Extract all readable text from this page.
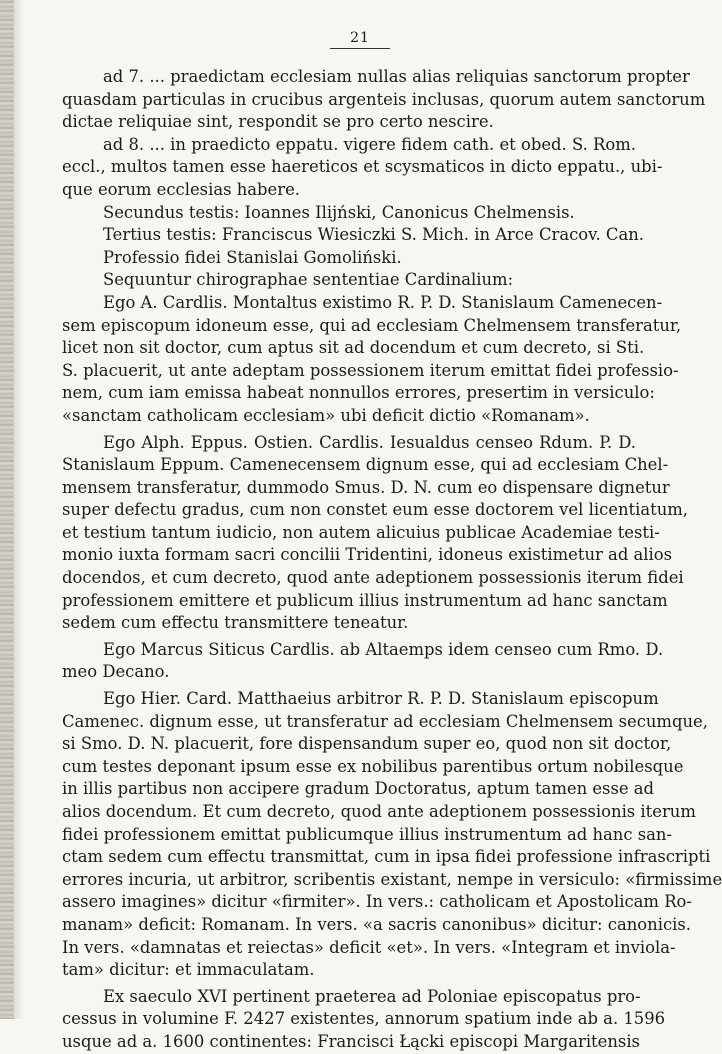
21
ad 7. ... praedictam ecclesiam nullas alias reliquias sanctorum propter
quasdam particulas in crucibus argenteis inclusas, quorum autem sanctorum
dictae reliquiae sint, respondit se pro certo nescire.
ad 8. ... in praedicto eppatu. vigere fidem cath. et obed. S. Rom.
eccl., multos tamen esse haereticos et scysmaticos in dicto eppatu., ubi-
que eorum ecclesias habere.
Secundus testis: Ioannes Ilijński, Canonicus Chelmensis.
Tertius testis: Franciscus Wiesiczki S. Mich. in Arce Cracov. Can.
Professio fidei Stanislai Gomoliński.
Sequuntur chirographae sententiae Cardinalium:
Ego A. Cardlis. Montaltus existimo R. P. D. Stanislaum Camenecen-
sem episcopum idoneum esse, qui ad ecclesiam Chelmensem transferatur,
licet non sit doctor, cum aptus sit ad docendum et cum decreto, si Sti.
S. placuerit, ut ante adeptam possessionem iterum emittat fidei professio-
nem, cum iam emissa habeat nonnullos errores, presertim in versiculo:
«sanctam catholicam ecclesiam» ubi deficit dictio «Romanam».
Ego Alph. Eppus. Ostien. Cardlis. Iesualdus censeo Rdum. P. D.
Stanislaum Eppum. Camenecensem dignum esse, qui ad ecclesiam Chel-
mensem transferatur, dummodo Smus. D. N. cum eo dispensare dignetur
super defectu gradus, cum non constet eum esse doctorem vel licentiatum,
et testium tantum iudicio, non autem alicuius publicae Academiae testi-
monio iuxta formam sacri concilii Tridentini, idoneus existimetur ad alios
docendos, et cum decreto, quod ante adeptionem possessionis iterum fidei
professionem emittere et publicum illius instrumentum ad hanc sanctam
sedem cum effectu transmittere teneatur.
Ego Marcus Siticus Cardlis. ab Altaemps idem censeo cum Rmo. D.
meo Decano.
Ego Hier. Card. Matthaeius arbitror R. P. D. Stanislaum episcopum
Camenec. dignum esse, ut transferatur ad ecclesiam Chelmensem secumque,
si Smo. D. N. placuerit, fore dispensandum super eo, quod non sit doctor,
cum testes deponant ipsum esse ex nobilibus parentibus ortum nobilesque
in illis partibus non accipere gradum Doctoratus, aptum tamen esse ad
alios docendum. Et cum decreto, quod ante adeptionem possessionis iterum
fidei professionem emittat publicumque illius instrumentum ad hanc san-
ctam sedem cum effectu transmittat, cum in ipsa fidei professione infrascripti
errores incuria, ut arbitror, scribentis existant, nempe in versiculo: «firmissime
assero imagines» dicitur «firmiter». In vers.: catholicam et Apostolicam Ro-
manam» deficit: Romanam. In vers. «a sacris canonibus» dicitur: canonicis.
In vers. «damnatas et reiectas» deficit «et». In vers. «Integram et inviola-
tam» dicitur: et immaculatam.
Ex saeculo XVI pertinent praeterea ad Poloniae episcopatus pro-
cessus in volumine F. 2427 existentes, annorum spatium inde ab a. 1596
usque ad a. 1600 continentes: Francisci Łącki episcopi Margaritensis
